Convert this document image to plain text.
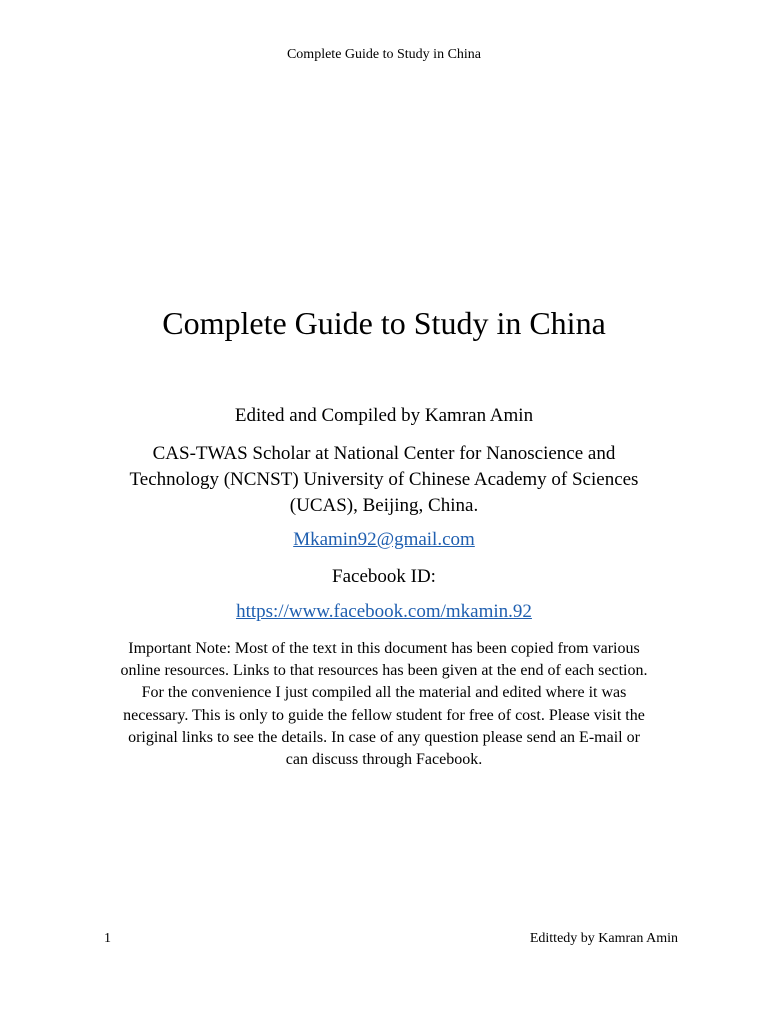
Complete Guide to Study in China
Complete Guide to Study in China
Edited and Compiled by Kamran Amin
CAS-TWAS Scholar at National Center for Nanoscience and
Technology (NCNST) University of Chinese Academy of Sciences
(UCAS), Beijing, China.
Mkamin92@gmail.com
Facebook ID:
https://www.facebook.com/mkamin.92
Important Note: Most of the text in this document has been copied from various
online resources. Links to that resources has been given at the end of each section.
For the convenience I just compiled all the material and edited where it was
necessary. This is only to guide the fellow student for free of cost. Please visit the
original links to see the details. In case of any question please send an E-mail or
can discuss through Facebook.
1	Edittedy by Kamran Amin
